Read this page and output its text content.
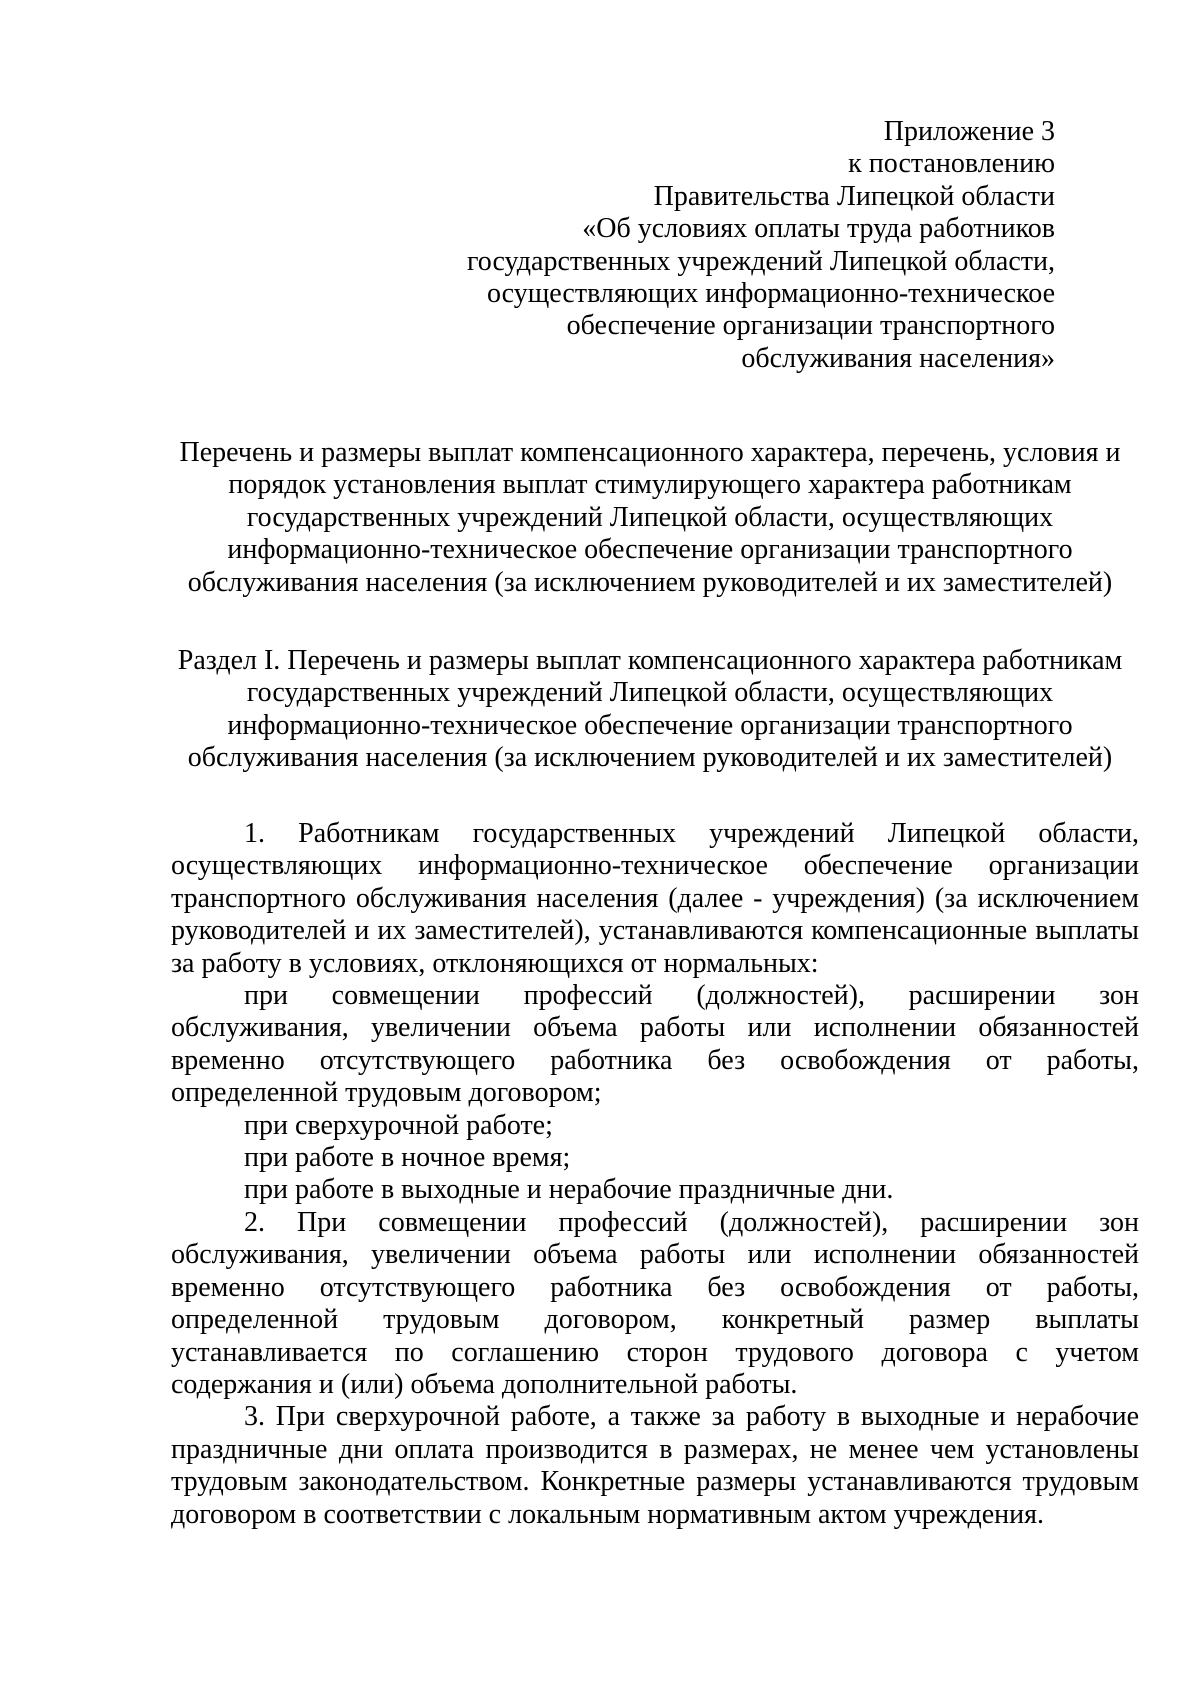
Приложение 3
к постановлению
Правительства Липецкой области
«Об условиях оплаты труда работников
государственных учреждений Липецкой области,
осуществляющих информационно-техническое
обеспечение организации транспортного
обслуживания населения»
Перечень и размеры выплат компенсационного характера, перечень, условия и
порядок установления выплат стимулирующего характера работникам
государственных учреждений Липецкой области, осуществляющих
информационно-техническое обеспечение организации транспортного
обслуживания населения (за исключением руководителей и их заместителей)
Раздел I. Перечень и размеры выплат компенсационного характера работникам
государственных учреждений Липецкой области, осуществляющих
информационно-техническое обеспечение организации транспортного
обслуживания населения (за исключением руководителей и их заместителей)

1. Работникам государственных учреждений Липецкой области, осуществляющих информационно-техническое обеспечение организации транспортного обслуживания населения (далее - учреждения) (за исключением руководителей и их заместителей), устанавливаются компенсационные выплаты за работу в условиях, отклоняющихся от нормальных:

при совмещении профессий (должностей), расширении зон обслуживания, увеличении объема работы или исполнении обязанностей временно отсутствующего работника без освобождения от работы, определенной трудовым договором;

при сверхурочной работе;

при работе в ночное время;

при работе в выходные и нерабочие праздничные дни.

2. При совмещении профессий (должностей), расширении зон обслуживания, увеличении объема работы или исполнении обязанностей временно отсутствующего работника без освобождения от работы, определенной трудовым договором, конкретный размер выплаты устанавливается по соглашению сторон трудового договора с учетом содержания и (или) объема дополнительной работы.

3. При сверхурочной работе, а также за работу в выходные и нерабочие праздничные дни оплата производится в размерах, не менее чем установлены трудовым законодательством. Конкретные размеры устанавливаются трудовым договором в соответствии с локальным нормативным актом учреждения.
